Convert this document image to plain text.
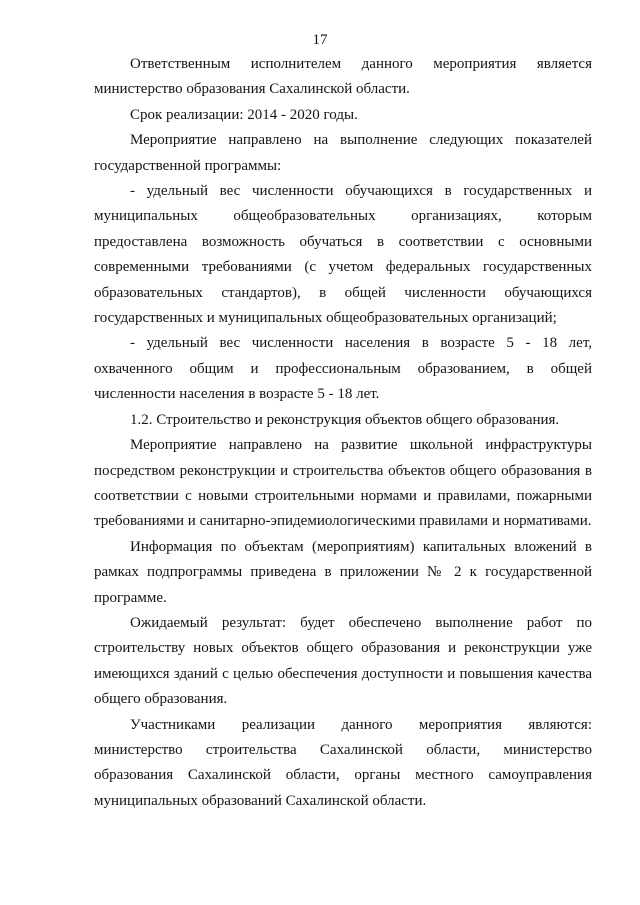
17

Ответственным исполнителем данного мероприятия является министерство образования Сахалинской области.

Срок реализации: 2014 - 2020 годы.

Мероприятие направлено на выполнение следующих показателей государственной программы:

- удельный вес численности обучающихся в государственных и муниципальных общеобразовательных организациях, которым предоставлена возможность обучаться в соответствии с основными современными требованиями (с учетом федеральных государственных образовательных стандартов), в общей численности обучающихся государственных и муниципальных общеобразовательных организаций;

- удельный вес численности населения в возрасте 5 - 18 лет, охваченного общим и профессиональным образованием, в общей численности населения в возрасте 5 - 18 лет.

1.2. Строительство и реконструкция объектов общего образования.

Мероприятие направлено на развитие школьной инфраструктуры посредством реконструкции и строительства объектов общего образования в соответствии с новыми строительными нормами и правилами, пожарными требованиями и санитарно-эпидемиологическими правилами и нормативами.

Информация по объектам (мероприятиям) капитальных вложений в рамках подпрограммы приведена в приложении № 2 к государственной программе.

Ожидаемый результат: будет обеспечено выполнение работ по строительству новых объектов общего образования и реконструкции уже имеющихся зданий с целью обеспечения доступности и повышения качества общего образования.

Участниками реализации данного мероприятия являются: министерство строительства Сахалинской области, министерство образования Сахалинской области, органы местного самоуправления муниципальных образований Сахалинской области.
